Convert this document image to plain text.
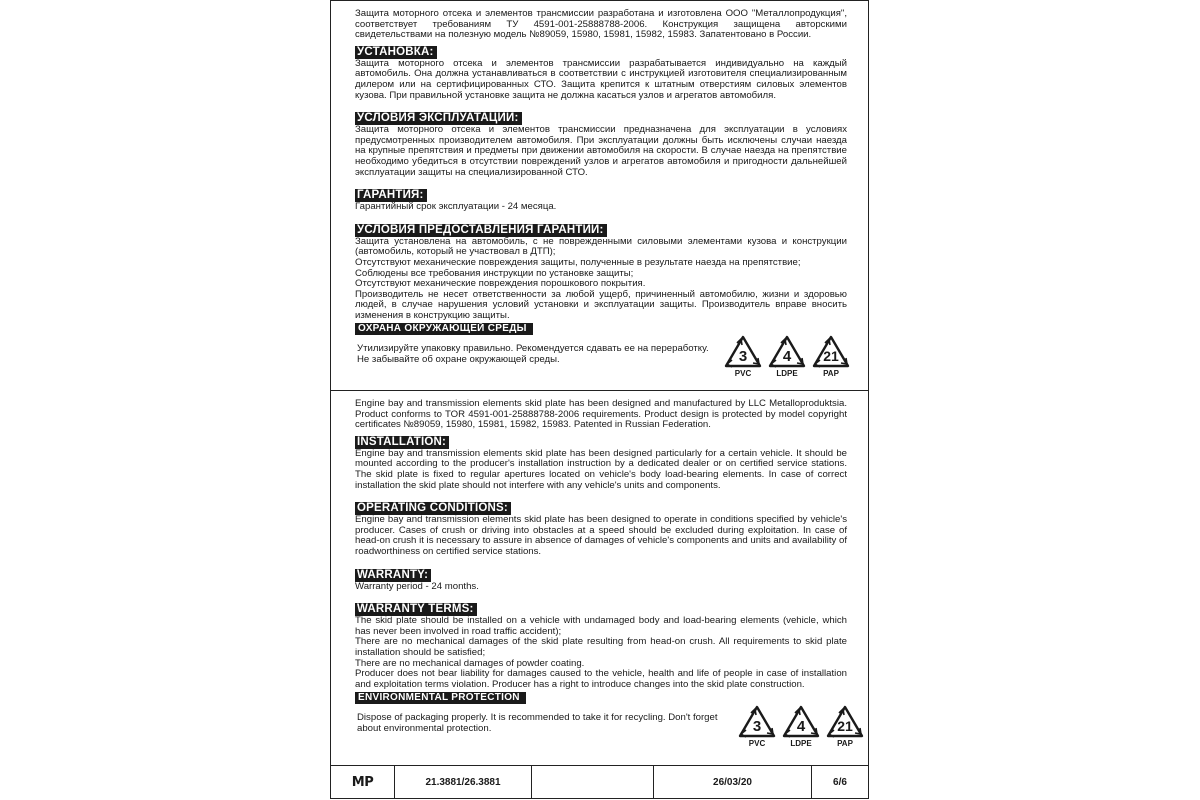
Защита моторного отсека и элементов трансмиссии разработана и изготовлена ООО "Металлопродукция", соответствует требованиям ТУ 4591-001-25888788-2006. Конструкция защищена авторскими свидетельствами на полезную модель №89059, 15980, 15981, 15982, 15983. Запатентовано в России.

УСТАНОВКА:

Защита моторного отсека и элементов трансмиссии разрабатывается индивидуально на каждый автомобиль. Она должна устанавливаться в соответствии с инструкцией изготовителя специализированным дилером или на сертифицированных СТО. Защита крепится к штатным отверстиям силовых элементов кузова. При правильной установке защита не должна касаться узлов и агрегатов автомобиля.

УСЛОВИЯ ЭКСПЛУАТАЦИИ:

Защита моторного отсека и элементов трансмиссии предназначена для эксплуатации в условиях предусмотренных производителем автомобиля. При эксплуатации должны быть исключены случаи наезда на крупные препятствия и предметы при движении автомобиля на скорости. В случае наезда на препятствие необходимо убедиться в отсутствии повреждений узлов и агрегатов автомобиля и пригодности дальнейшей эксплуатации защиты на специализированной СТО.

ГАРАНТИЯ:

Гарантийный срок эксплуатации - 24 месяца.

УСЛОВИЯ ПРЕДОСТАВЛЕНИЯ ГАРАНТИИ:

Защита установлена на автомобиль, с не поврежденными силовыми элементами кузова и конструкции (автомобиль, который не участвовал в ДТП);

Отсутствуют механические повреждения защиты, полученные в результате наезда на препятствие;

Соблюдены все требования инструкции по установке защиты;

Отсутствуют механические повреждения порошкового покрытия.

Производитель не несет ответственности за любой ущерб, причиненный автомобилю, жизни и здоровью людей, в случае нарушения условий установки и эксплуатации защиты. Производитель вправе вносить изменения в конструкцию защиты.

ОХРАНА ОКРУЖАЮЩЕЙ СРЕДЫ
Утилизируйте упаковку правильно. Рекомендуется сдавать ее на переработку. Не забывайте об охране окружающей среды.	3
PVC
4
LDPE
21
PAP

Engine bay and transmission elements skid plate has been designed and manufactured by LLC Metalloproduktsia. Product conforms to TOR 4591-001-25888788-2006 requirements. Product design is protected by model copyright certificates №89059, 15980, 15981, 15982, 15983. Patented in Russian Federation.

INSTALLATION:

Engine bay and transmission elements skid plate has been designed particularly for a certain vehicle. It should be mounted according to the producer's installation instruction by a dedicated dealer or on certified service stations. The skid plate is fixed to regular apertures located on vehicle's body load-bearing elements. In case of correct installation the skid plate should not interfere with any vehicle's units and components.

OPERATING CONDITIONS:

Engine bay and transmission elements skid plate has been designed to operate in conditions specified by vehicle's producer. Cases of crush or driving into obstacles at a speed should be excluded during exploitation. In case of head-on crush it is necessary to assure in absence of damages of vehicle's components and units and availability of roadworthiness on certified service stations.

WARRANTY:

Warranty period - 24 months.

WARRANTY TERMS:

The skid plate should be installed on a vehicle with undamaged body and load-bearing elements (vehicle, which has never been involved in road traffic accident);

There are no mechanical damages of the skid plate resulting from head-on crush. All requirements to skid plate installation should be satisfied;

There are no mechanical damages of powder coating.

Producer does not bear liability for damages caused to the vehicle, health and life of people in case of installation and exploitation terms violation. Producer has a right to introduce changes into the skid plate construction.

ENVIRONMENTAL PROTECTION
Dispose of packaging properly. It is recommended to take it for recycling. Don't forget about environmental protection.	3
PVC
4
LDPE
21
PAP
MP	21.3881/26.3881	26/03/20	6/6
